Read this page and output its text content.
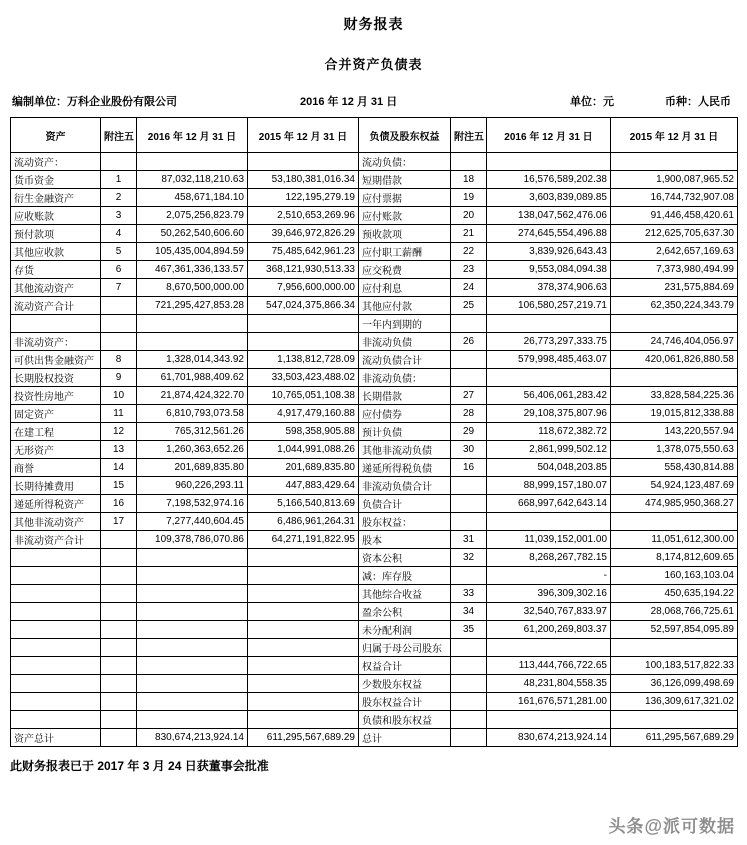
财务报表
合并资产负债表
编制单位：万科企业股份有限公司	2016 年 12 月 31 日	单位：元	币种：人民币
资产	附注五	2016 年 12 月 31 日	2015 年 12 月 31 日	负债及股东权益	附注五	2016 年 12 月 31 日	2015 年 12 月 31 日
流动资产：				流动负债：			
货币资金	1	87,032,118,210.63	53,180,381,016.34	短期借款	18	16,576,589,202.38	1,900,087,965.52
衍生金融资产	2	458,671,184.10	122,195,279.19	应付票据	19	3,603,839,089.85	16,744,732,907.08
应收账款	3	2,075,256,823.79	2,510,653,269.96	应付账款	20	138,047,562,476.06	91,446,458,420.61
预付款项	4	50,262,540,606.60	39,646,972,826.29	预收款项	21	274,645,554,496.88	212,625,705,637.30
其他应收款	5	105,435,004,894.59	75,485,642,961.23	应付职工薪酬	22	3,839,926,643.43	2,642,657,169.63
存货	6	467,361,336,133.57	368,121,930,513.33	应交税费	23	9,553,084,094.38	7,373,980,494.99
其他流动资产	7	8,670,500,000.00	7,956,600,000.00	应付利息	24	378,374,906.63	231,575,884.69
流动资产合计		721,295,427,853.28	547,024,375,866.34	其他应付款	25	106,580,257,219.71	62,350,224,343.79
				一年内到期的			
非流动资产：				非流动负债	26	26,773,297,333.75	24,746,404,056.97
可供出售金融资产	8	1,328,014,343.92	1,138,812,728.09	流动负债合计		579,998,485,463.07	420,061,826,880.58
长期股权投资	9	61,701,988,409.62	33,503,423,488.02	非流动负债：			
投资性房地产	10	21,874,424,322.70	10,765,051,108.38	长期借款	27	56,406,061,283.42	33,828,584,225.36
固定资产	11	6,810,793,073.58	4,917,479,160.88	应付债券	28	29,108,375,807.96	19,015,812,338.88
在建工程	12	765,312,561.26	598,358,905.88	预计负债	29	118,672,382.72	143,220,557.94
无形资产	13	1,260,363,652.26	1,044,991,088.26	其他非流动负债	30	2,861,999,502.12	1,378,075,550.63
商誉	14	201,689,835.80	201,689,835.80	递延所得税负债	16	504,048,203.85	558,430,814.88
长期待摊费用	15	960,226,293.11	447,883,429.64	非流动负债合计		88,999,157,180.07	54,924,123,487.69
递延所得税资产	16	7,198,532,974.16	5,166,540,813.69	负债合计		668,997,642,643.14	474,985,950,368.27
其他非流动资产	17	7,277,440,604.45	6,486,961,264.31	股东权益：			
非流动资产合计		109,378,786,070.86	64,271,191,822.95	股本	31	11,039,152,001.00	11,051,612,300.00
				资本公积	32	8,268,267,782.15	8,174,812,609.65
				减：库存股		-	160,163,103.04
				其他综合收益	33	396,309,302.16	450,635,194.22
				盈余公积	34	32,540,767,833.97	28,068,766,725.61
				未分配利润	35	61,200,269,803.37	52,597,854,095.89
				归属于母公司股东			
				权益合计		113,444,766,722.65	100,183,517,822.33
				少数股东权益		48,231,804,558.35	36,126,099,498.69
				股东权益合计		161,676,571,281.00	136,309,617,321.02
				负债和股东权益			
资产总计		830,674,213,924.14	611,295,567,689.29	总计		830,674,213,924.14	611,295,567,689.29
此财务报表已于 2017 年 3 月 24 日获董事会批准
头条@派可数据
